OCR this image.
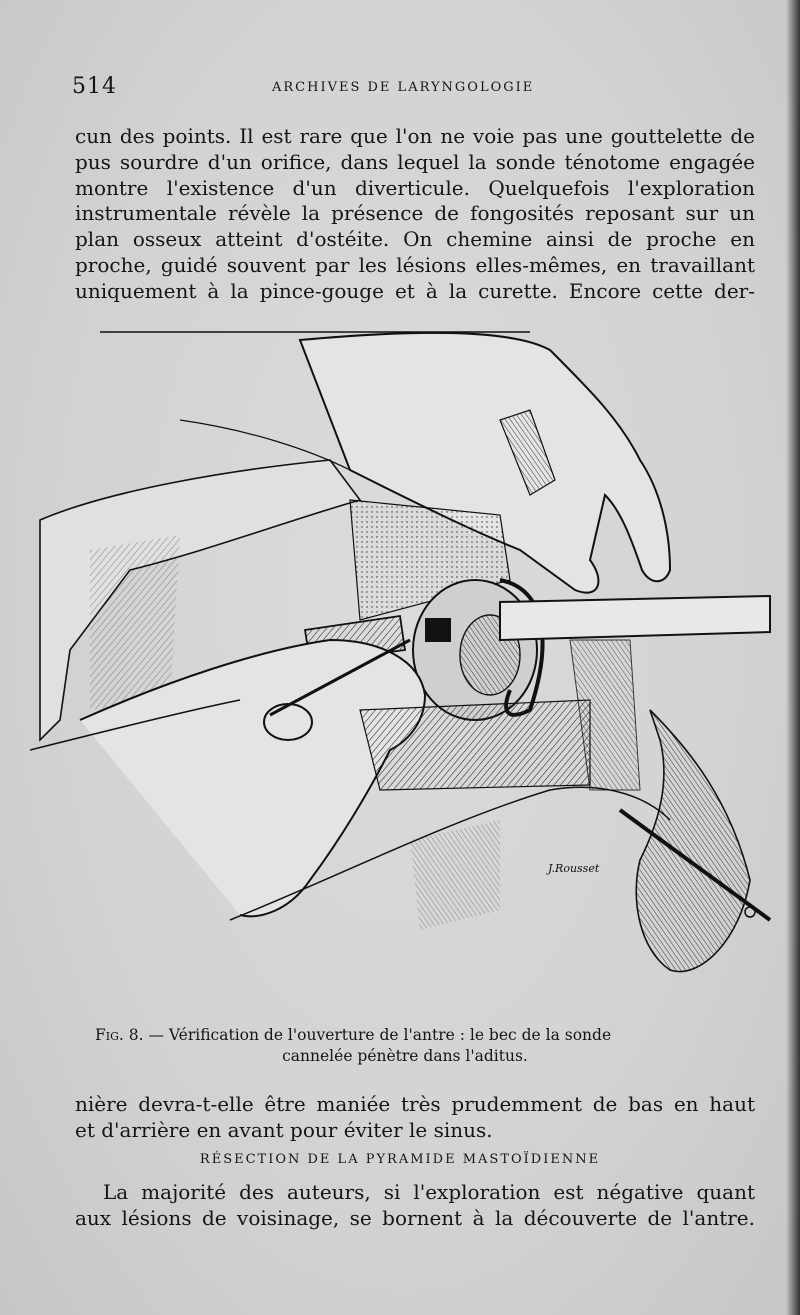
514	ARCHIVES DE LARYNGOLOGIE
cun des points. Il est rare que l'on ne voie pas une gouttelette de
pus sourdre d'un orifice, dans lequel la sonde ténotome engagée
montre l'existence d'un diverticule. Quelquefois l'exploration
instrumentale révèle la présence de fongosités reposant sur un
plan osseux atteint d'ostéite. On chemine ainsi de proche en
proche, guidé souvent par les lésions elles-mêmes, en travaillant
uniquement à la pince-gouge et à la curette. Encore cette der-
J.Rousset
Fig. 8. — Vérification de l'ouverture de l'antre : le bec de la sonde
cannelée pénètre dans l'aditus.
nière devra-t-elle être maniée très prudemment de bas en haut
et d'arrière en avant pour éviter le sinus.
RÉSECTION DE LA PYRAMIDE MASTOÏDIENNE
La majorité des auteurs, si l'exploration est négative quant
aux lésions de voisinage, se bornent à la découverte de l'antre.
